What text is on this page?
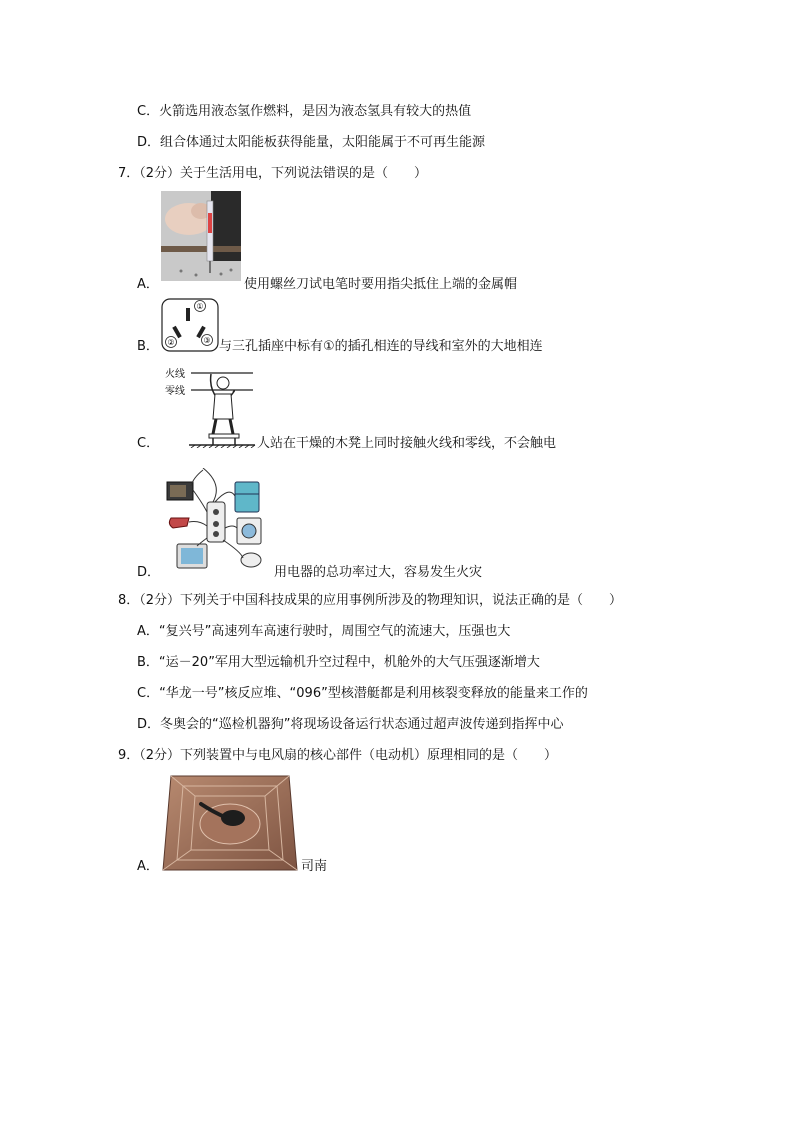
C．火箭选用液态氢作燃料，是因为液态氢具有较大的热值
D．组合体通过太阳能板获得能量，太阳能属于不可再生能源
7．（2分）关于生活用电，下列说法错误的是（　　）
A．	使用螺丝刀试电笔时要用指尖抵住上端的金属帽
B．
①
②	③ 与三孔插座中标有①的插孔相连的导线和室外的大地相连
C．
火线
零线
人站在干燥的木凳上同时接触火线和零线，不会触电
D．	用电器的总功率过大，容易发生火灾
8．（2分）下列关于中国科技成果的应用事例所涉及的物理知识，说法正确的是（　　）
A．“复兴号”高速列车高速行驶时，周围空气的流速大，压强也大
B．“运－20”军用大型远输机升空过程中，机舱外的大气压强逐渐增大
C．“华龙一号”核反应堆、“096”型核潜艇都是利用核裂变释放的能量来工作的
D．冬奥会的“巡检机器狗”将现场设备运行状态通过超声波传递到指挥中心
9．（2分）下列装置中与电风扇的核心部件（电动机）原理相同的是（　　）
A．	司南
